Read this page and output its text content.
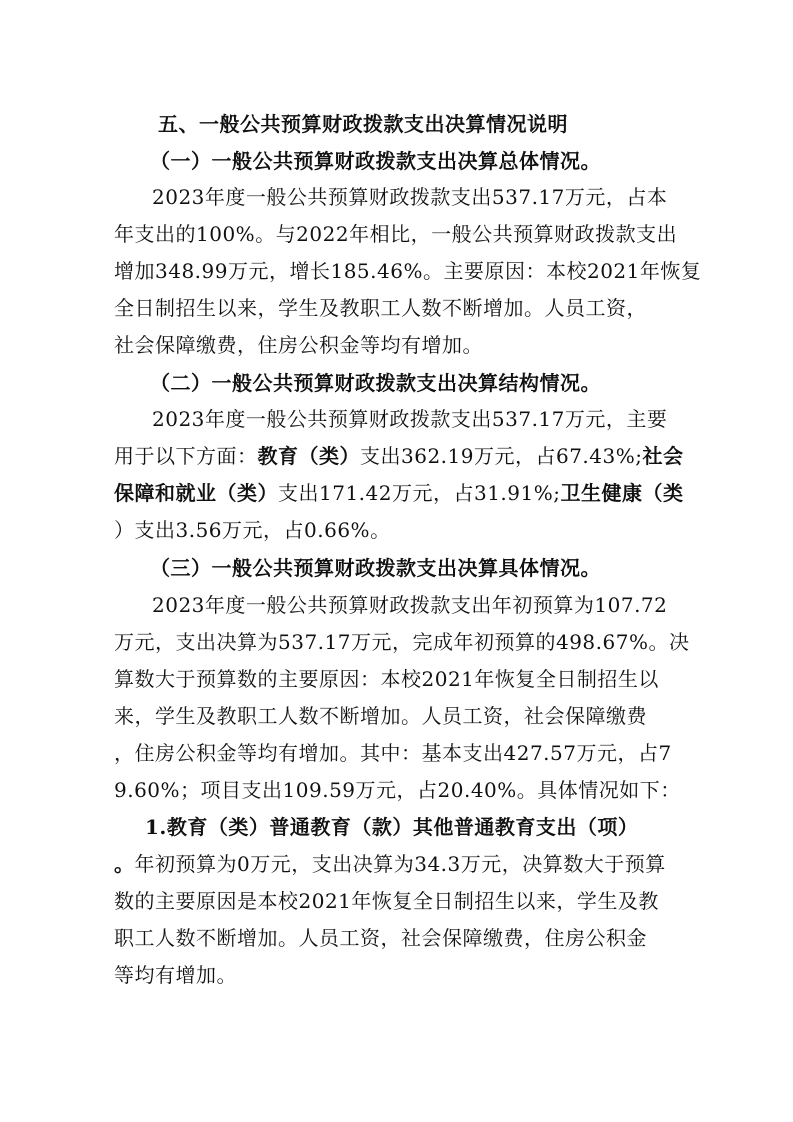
五、一般公共预算财政拨款支出决算情况说明
（一）一般公共预算财政拨款支出决算总体情况。
2023年度一般公共预算财政拨款支出537.17万元，占本
年支出的100%。与2022年相比，一般公共预算财政拨款支出
增加348.99万元，增长185.46%。主要原因：本校2021年恢复
全日制招生以来，学生及教职工人数不断增加。人员工资，
社会保障缴费，住房公积金等均有增加。
（二）一般公共预算财政拨款支出决算结构情况。
2023年度一般公共预算财政拨款支出537.17万元，主要
用于以下方面：教育（类）支出362.19万元，占67.43%;社会
保障和就业（类）支出171.42万元，占31.91%;卫生健康（类
）支出3.56万元，占0.66%。
（三）一般公共预算财政拨款支出决算具体情况。
2023年度一般公共预算财政拨款支出年初预算为107.72
万元，支出决算为537.17万元，完成年初预算的498.67%。决
算数大于预算数的主要原因：本校2021年恢复全日制招生以
来，学生及教职工人数不断增加。人员工资，社会保障缴费
，住房公积金等均有增加。其中：基本支出427.57万元，占7
9.60%；项目支出109.59万元，占20.40%。具体情况如下：
1.教育（类）普通教育（款）其他普通教育支出（项）
。年初预算为0万元，支出决算为34.3万元，决算数大于预算
数的主要原因是本校2021年恢复全日制招生以来，学生及教
职工人数不断增加。人员工资，社会保障缴费，住房公积金
等均有增加。
